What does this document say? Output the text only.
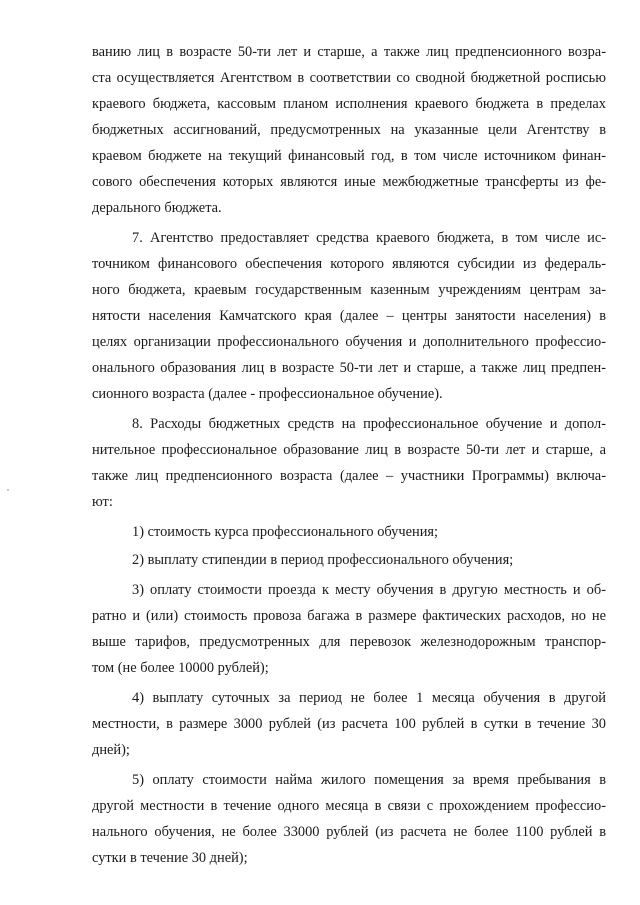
ванию лиц в возрасте 50-ти лет и старше, а также лиц предпенсионного возра-
ста осуществляется Агентством в соответствии со сводной бюджетной росписью
краевого бюджета, кассовым планом исполнения краевого бюджета в пределах
бюджетных ассигнований, предусмотренных на указанные цели Агентству в
краевом бюджете на текущий финансовый год, в том числе источником финан-
сового обеспечения которых являются иные межбюджетные трансферты из фе-
дерального бюджета.
7. Агентство предоставляет средства краевого бюджета, в том числе ис-
точником финансового обеспечения которого являются субсидии из федераль-
ного бюджета, краевым государственным казенным учреждениям центрам за-
нятости населения Камчатского края (далее – центры занятости населения) в
целях организации профессионального обучения и дополнительного профессио-
онального образования лиц в возрасте 50-ти лет и старше, а также лиц предпен-
сионного возраста (далее - профессиональное обучение).
8. Расходы бюджетных средств на профессиональное обучение и допол-
нительное профессиональное образование лиц в возрасте 50-ти лет и старше, а
также лиц предпенсионного возраста (далее – участники Программы) включа-
ют:
1) стоимость курса профессионального обучения;
2) выплату стипендии в период профессионального обучения;
3) оплату стоимости проезда к месту обучения в другую местность и об-
ратно и (или) стоимость провоза багажа в размере фактических расходов, но не
выше тарифов, предусмотренных для перевозок железнодорожным транспор-
том (не более 10000 рублей);
4) выплату суточных за период не более 1 месяца обучения в другой
местности, в размере 3000 рублей (из расчета 100 рублей в сутки в течение 30
дней);
5) оплату стоимости найма жилого помещения за время пребывания в
другой местности в течение одного месяца в связи с прохождением профессио-
нального обучения, не более 33000 рублей (из расчета не более 1100 рублей в
сутки в течение 30 дней);
